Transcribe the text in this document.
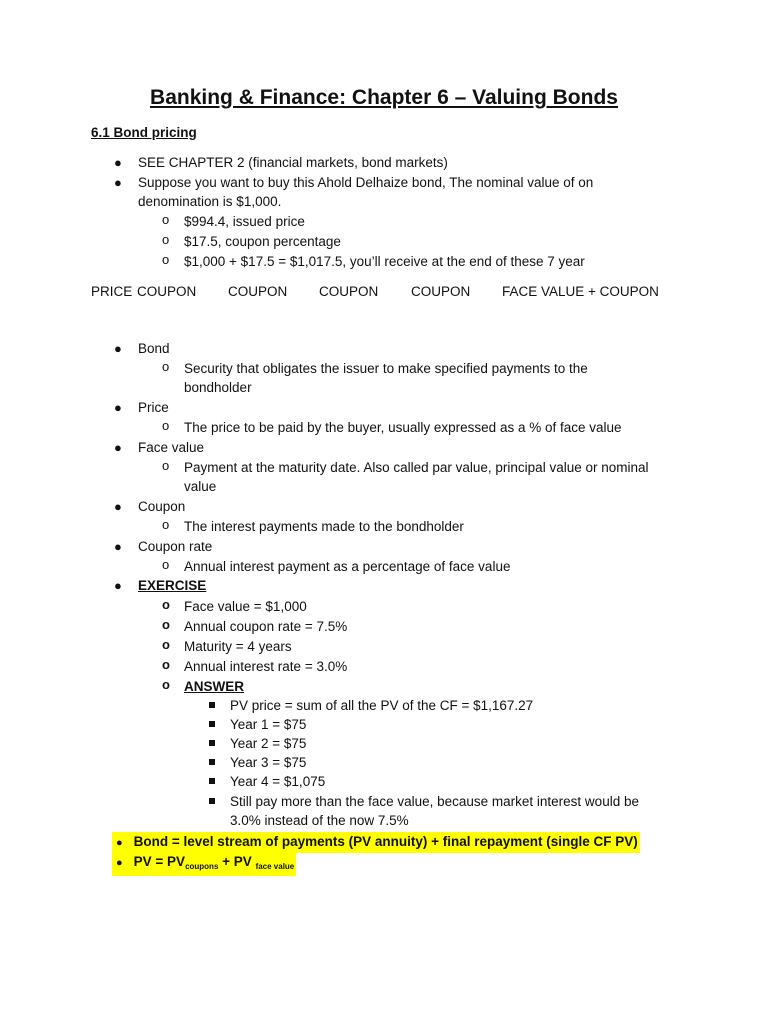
Banking & Finance: Chapter 6 – Valuing Bonds
6.1 Bond pricing
● SEE CHAPTER 2 (financial markets, bond markets)
● Suppose you want to buy this Ahold Delhaize bond, The nominal value of on
denomination is $1,000.
o $994.4, issued price
o $17.5, coupon percentage
o $1,000 + $17.5 = $1,017.5, you’ll receive at the end of these 7 year
PRICE COUPON COUPON COUPON COUPON FACE VALUE + COUPON
● Bond
o Security that obligates the issuer to make specified payments to the
bondholder
● Price
o The price to be paid by the buyer, usually expressed as a % of face value
● Face value
o Payment at the maturity date. Also called par value, principal value or nominal
value
● Coupon
o The interest payments made to the bondholder
● Coupon rate
o Annual interest payment as a percentage of face value
● EXERCISE
o Face value = $1,000
o Annual coupon rate = 7.5%
o Maturity = 4 years
o Annual interest rate = 3.0%
o ANSWER
PV price = sum of all the PV of the CF = $1,167.27
Year 1 = $75
Year 2 = $75
Year 3 = $75
Year 4 = $1,075
Still pay more than the face value, because market interest would be
3.0% instead of the now 7.5%
● Bond = level stream of payments (PV annuity) + final repayment (single CF PV)
● PV = $PV_{coupons}$ + PV $_{face value}$
